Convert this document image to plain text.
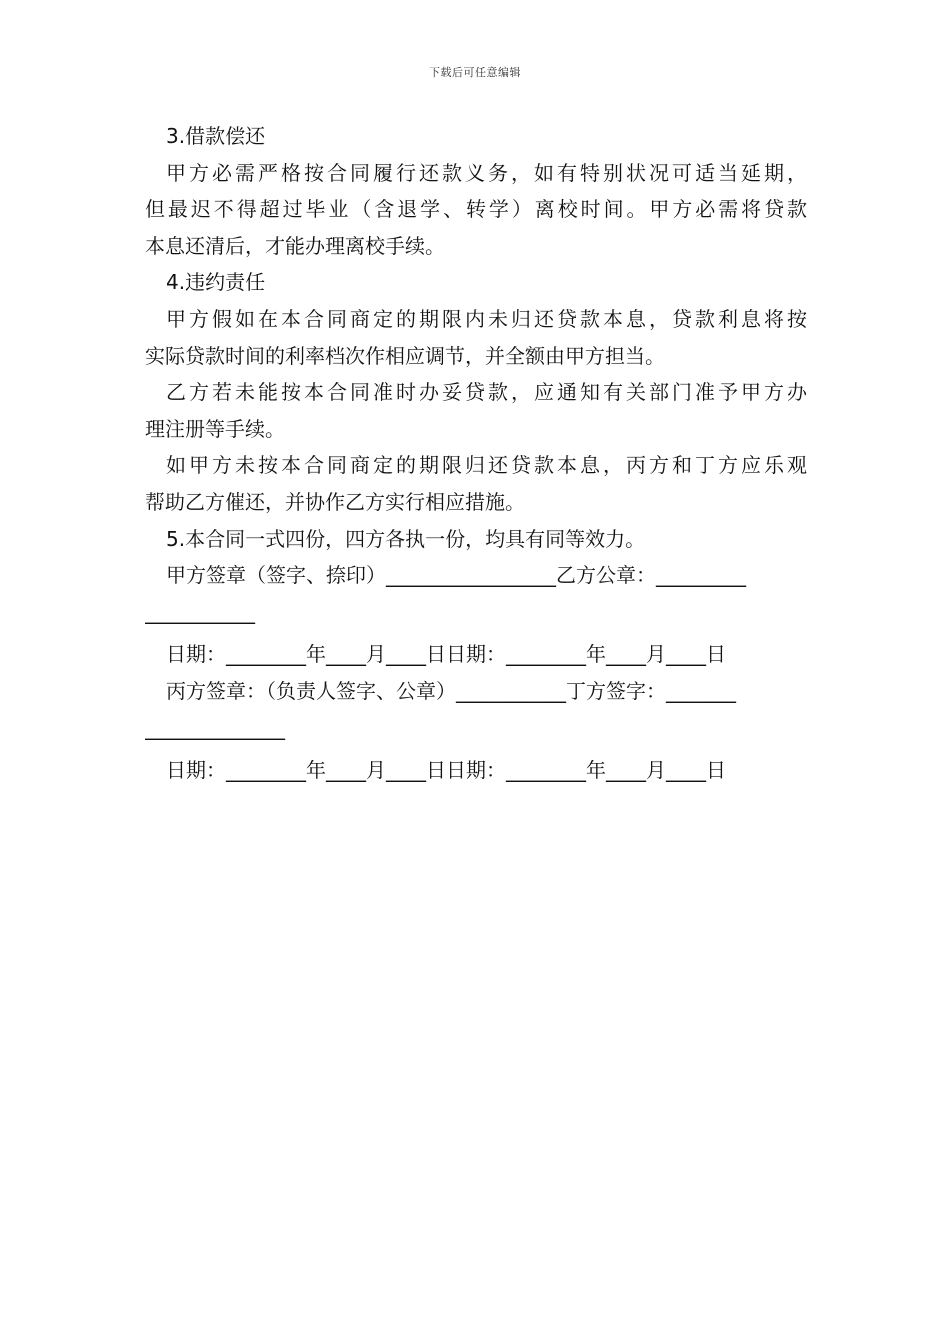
下载后可任意编辑
3.借款偿还
甲方必需严格按合同履行还款义务，如有特别状况可适当延期，
但最迟不得超过毕业（含退学、转学）离校时间。甲方必需将贷款
本息还清后，才能办理离校手续。
4.违约责任
甲方假如在本合同商定的期限内未归还贷款本息，贷款利息将按
实际贷款时间的利率档次作相应调节，并全额由甲方担当。
乙方若未能按本合同准时办妥贷款，应通知有关部门准予甲方办
理注册等手续。
如甲方未按本合同商定的期限归还贷款本息，丙方和丁方应乐观
帮助乙方催还，并协作乙方实行相应措施。
5.本合同一式四份，四方各执一份，均具有同等效力。
甲方签章（签字、捺印）_________________乙方公章：_________
___________
日期：________年____月____日日期：________年____月____日
丙方签章：（负责人签字、公章）___________丁方签字：_______
______________
日期：________年____月____日日期：________年____月____日
